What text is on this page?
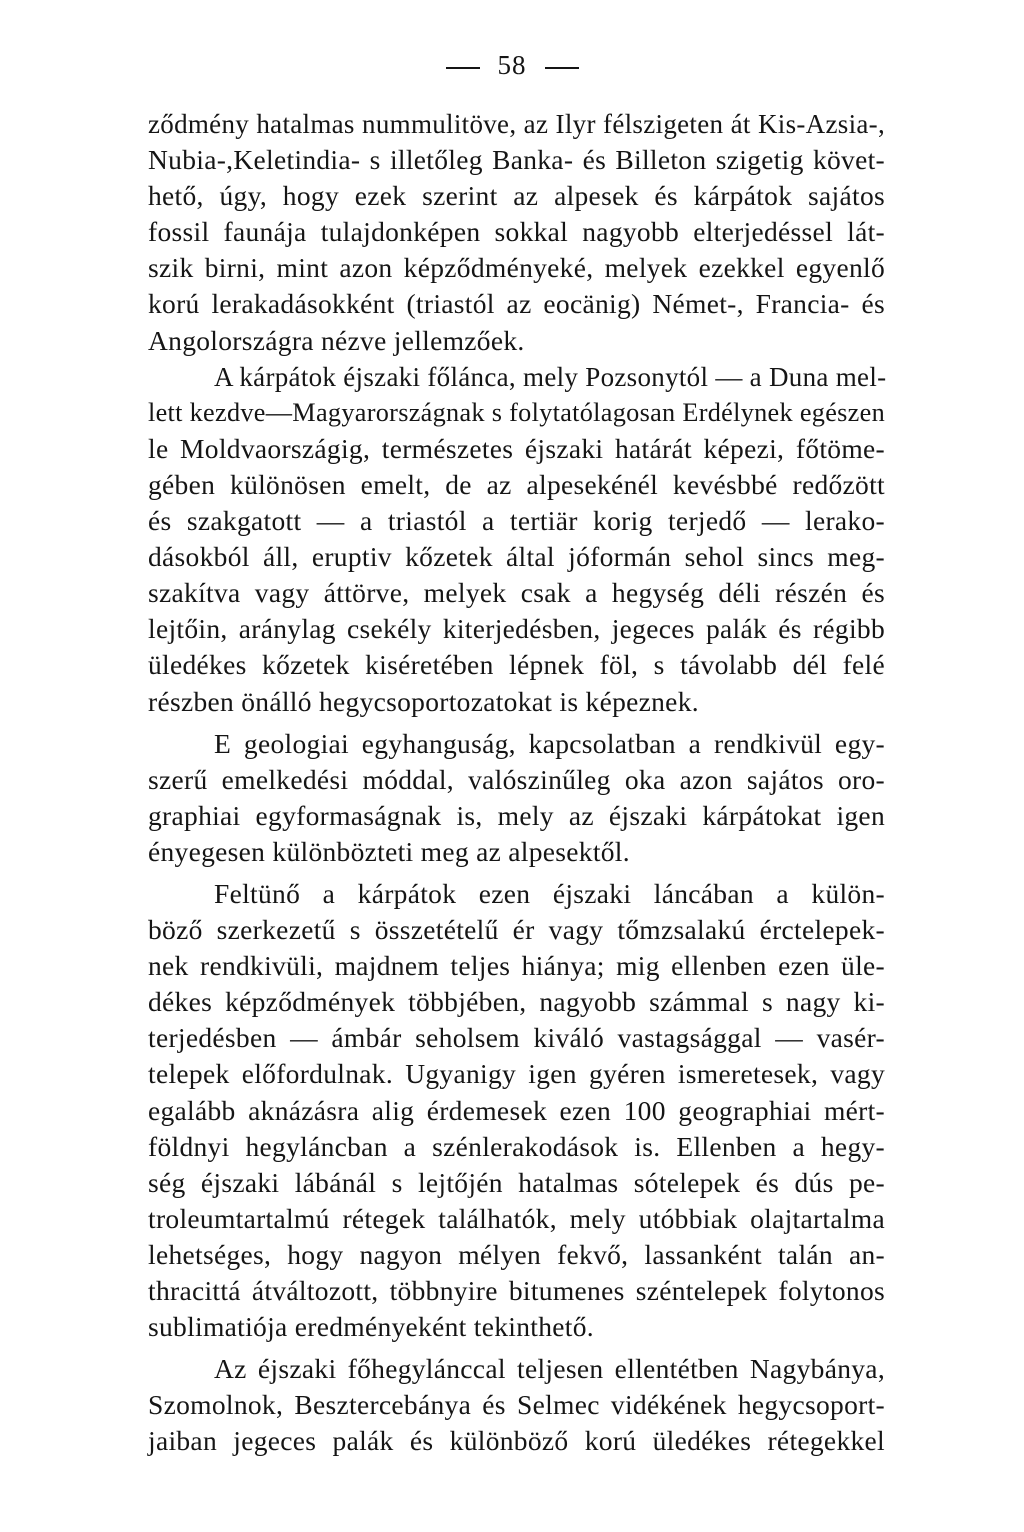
58
ződmény hatalmas nummulitöve, az Ilyr félszigeten át Kis-Azsia-,
Nubia-,Keletindia- s illetőleg Banka- és Billeton szigetig követ-
hető, úgy, hogy ezek szerint az alpesek és kárpátok sajátos
fossil faunája tulajdonképen sokkal nagyobb elterjedéssel lát-
szik birni, mint azon képződményeké, melyek ezekkel egyenlő
korú lerakadásokként (triastól az eocänig) Német-, Francia- és
Angolországra nézve jellemzőek.
A kárpátok éjszaki főlánca, mely Pozsonytól — a Duna mel-
lett kezdve—Magyarországnak s folytatólagosan Erdélynek egészen
le Moldvaországig, természetes éjszaki határát képezi, főtöme-
gében különösen emelt, de az alpesekénél kevésbbé redőzött
és szakgatott — a triastól a tertiär korig terjedő — lerako-
dásokból áll, eruptiv kőzetek által jóformán sehol sincs meg-
szakítva vagy áttörve, melyek csak a hegység déli részén és
lejtőin, aránylag csekély kiterjedésben, jegeces palák és régibb
üledékes kőzetek kiséretében lépnek föl, s távolabb dél felé
részben önálló hegycsoportozatokat is képeznek.
E geologiai egyhanguság, kapcsolatban a rendkivül egy-
szerű emelkedési móddal, valószinűleg oka azon sajátos oro-
graphiai egyformaságnak is, mely az éjszaki kárpátokat igen
ényegesen különbözteti meg az alpesektől.
Feltünő a kárpátok ezen éjszaki láncában a külön-
böző szerkezetű s összetételű ér vagy tőmzsalakú érctelepek-
nek rendkivüli, majdnem teljes hiánya; mig ellenben ezen üle-
dékes képződmények többjében, nagyobb számmal s nagy ki-
terjedésben — ámbár seholsem kiváló vastagsággal — vasér-
telepek előfordulnak. Ugyanigy igen gyéren ismeretesek, vagy
egalább aknázásra alig érdemesek ezen 100 geographiai mért-
földnyi hegyláncban a szénlerakodások is. Ellenben a hegy-
ség éjszaki lábánál s lejtőjén hatalmas sótelepek és dús pe-
troleumtartalmú rétegek találhatók, mely utóbbiak olajtartalma
lehetséges, hogy nagyon mélyen fekvő, lassanként talán an-
thracittá átváltozott, többnyire bitumenes széntelepek folytonos
sublimatiója eredményeként tekinthető.
Az éjszaki főhegylánccal teljesen ellentétben Nagybánya,
Szomolnok, Besztercebánya és Selmec vidékének hegycsoport-
jaiban jegeces palák és különböző korú üledékes rétegekkel
